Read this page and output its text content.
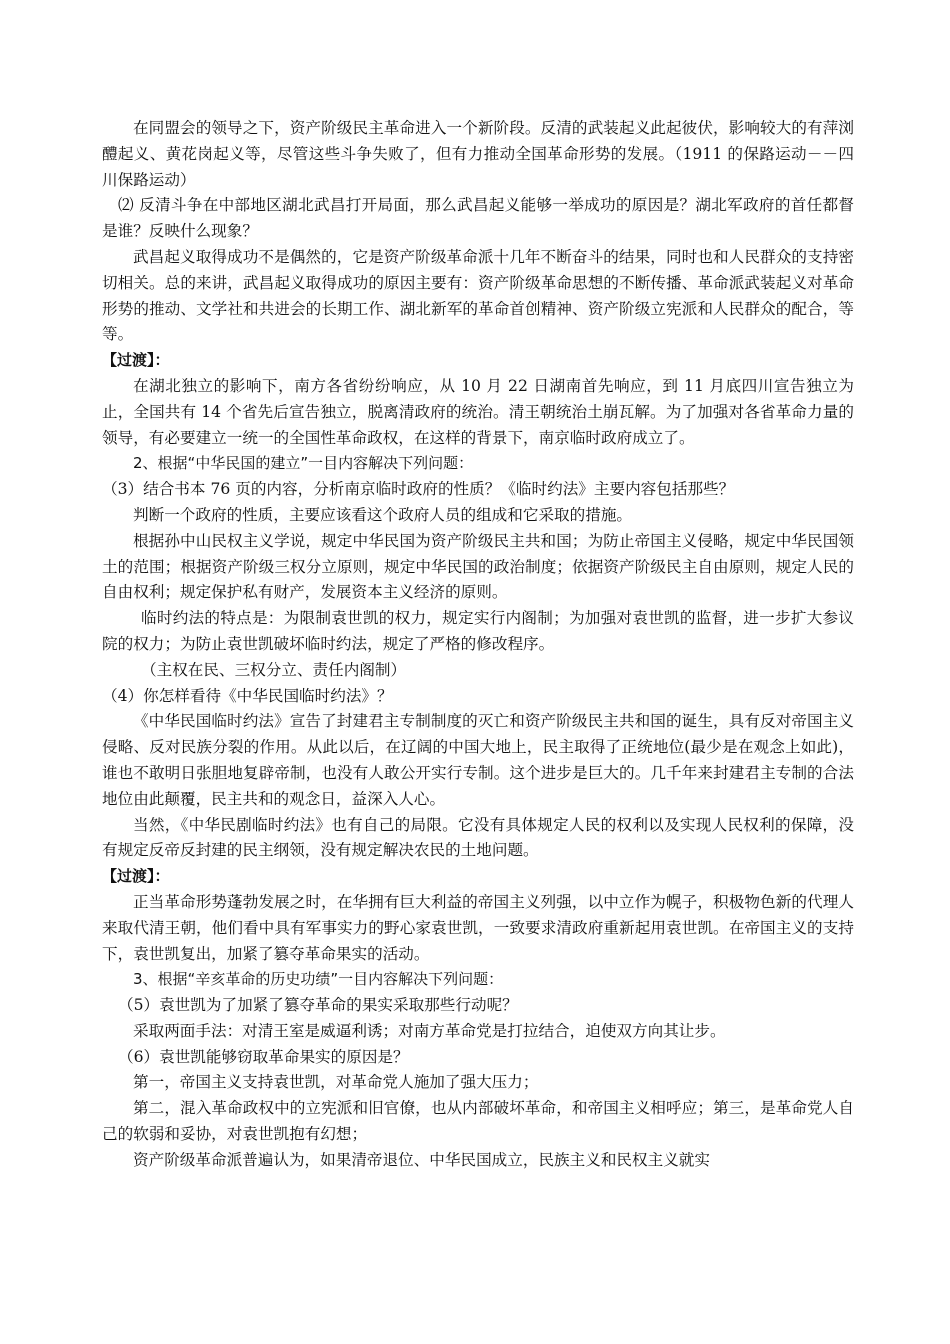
在同盟会的领导之下，资产阶级民主革命进入一个新阶段。反清的武装起义此起彼伏，影响较大的有萍浏醴起义、黄花岗起义等，尽管这些斗争失败了，但有力推动全国革命形势的发展。（1911 的保路运动－－四川保路运动）

⑵ 反清斗争在中部地区湖北武昌打开局面，那么武昌起义能够一举成功的原因是？湖北军政府的首任都督是谁？反映什么现象？

武昌起义取得成功不是偶然的，它是资产阶级革命派十几年不断奋斗的结果，同时也和人民群众的支持密切相关。总的来讲，武昌起义取得成功的原因主要有：资产阶级革命思想的不断传播、革命派武装起义对革命形势的推动、文学社和共进会的长期工作、湖北新军的革命首创精神、资产阶级立宪派和人民群众的配合，等等。

【过渡】：

在湖北独立的影响下，南方各省纷纷响应，从 10 月 22 日湖南首先响应，到 11 月底四川宣告独立为止，全国共有 14 个省先后宣告独立，脱离清政府的统治。清王朝统治土崩瓦解。为了加强对各省革命力量的领导，有必要建立一统一的全国性革命政权，在这样的背景下，南京临时政府成立了。

2、根据“中华民国的建立”一目内容解决下列问题：

（3）结合书本 76 页的内容，分析南京临时政府的性质？《临时约法》主要内容包括那些？

判断一个政府的性质，主要应该看这个政府人员的组成和它采取的措施。

根据孙中山民权主义学说，规定中华民国为资产阶级民主共和国；为防止帝国主义侵略，规定中华民国领土的范围；根据资产阶级三权分立原则，规定中华民国的政治制度；依据资产阶级民主自由原则，规定人民的自由权利；规定保护私有财产，发展资本主义经济的原则。

临时约法的特点是：为限制袁世凯的权力，规定实行内阁制；为加强对袁世凯的监督，进一步扩大参议院的权力；为防止袁世凯破坏临时约法，规定了严格的修改程序。

（主权在民、三权分立、责任内阁制）

（4）你怎样看待《中华民国临时约法》？

《中华民国临时约法》宣告了封建君主专制制度的灭亡和资产阶级民主共和国的诞生，具有反对帝国主义侵略、反对民族分裂的作用。从此以后，在辽阔的中国大地上，民主取得了正统地位(最少是在观念上如此)，谁也不敢明日张胆地复辟帝制，也没有人敢公开实行专制。这个进步是巨大的。几千年来封建君主专制的合法地位由此颠覆，民主共和的观念日，益深入人心。

当然，《中华民剧临时约法》也有自己的局限。它没有具体规定人民的权利以及实现人民权利的保障，没有规定反帝反封建的民主纲领，没有规定解决农民的土地问题。

【过渡】：

正当革命形势蓬勃发展之时，在华拥有巨大利益的帝国主义列强，以中立作为幌子，积极物色新的代理人来取代清王朝，他们看中具有军事实力的野心家袁世凯，一致要求清政府重新起用袁世凯。在帝国主义的支持下，袁世凯复出，加紧了篡夺革命果实的活动。

3、根据“辛亥革命的历史功绩”一目内容解决下列问题：

（5）袁世凯为了加紧了篡夺革命的果实采取那些行动呢？

采取两面手法：对清王室是威逼利诱；对南方革命党是打拉结合，迫使双方向其让步。

（6）袁世凯能够窃取革命果实的原因是？

第一，帝国主义支持袁世凯，对革命党人施加了强大压力；

第二，混入革命政权中的立宪派和旧官僚，也从内部破坏革命，和帝国主义相呼应；第三，是革命党人自己的软弱和妥协，对袁世凯抱有幻想；

资产阶级革命派普遍认为，如果清帝退位、中华民国成立，民族主义和民权主义就实
